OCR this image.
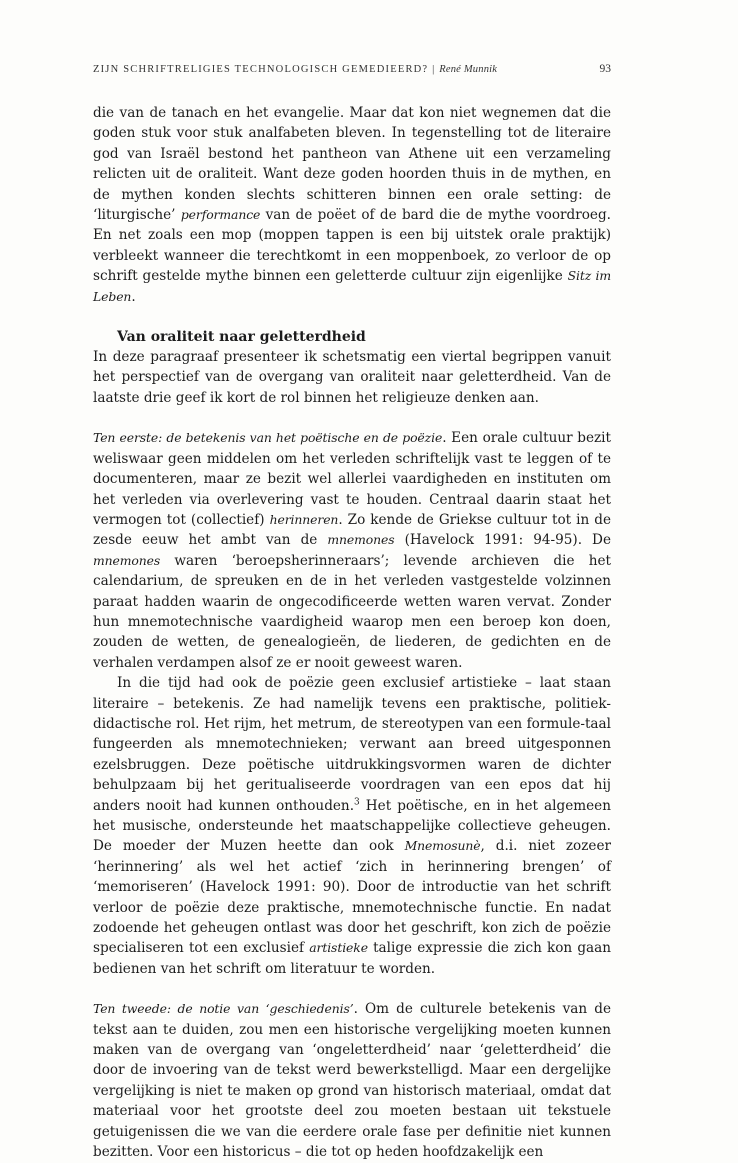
ZIJN SCHRIFTRELIGIES TECHNOLOGISCH GEMEDIEERD? | René Munnik	93

die van de tanach en het evangelie. Maar dat kon niet wegnemen dat die goden stuk voor stuk analfabeten bleven. In tegenstelling tot de literaire god van Israël bestond het pantheon van Athene uit een verzameling relicten uit de oraliteit. Want deze goden hoorden thuis in de mythen, en de mythen konden slechts schitteren binnen een orale setting: de ‘liturgische’ performance van de poëet of de bard die de mythe voordroeg. En net zoals een mop (moppen tappen is een bij uitstek orale praktijk) verbleekt wanneer die terechtkomt in een moppenboek, zo verloor de op schrift gestelde mythe binnen een geletterde cultuur zijn eigenlijke Sitz im Leben.

Van oraliteit naar geletterdheid

In deze paragraaf presenteer ik schetsmatig een viertal begrippen vanuit het perspectief van de overgang van oraliteit naar geletterdheid. Van de laatste drie geef ik kort de rol binnen het religieuze denken aan.

Ten eerste: de betekenis van het poëtische en de poëzie. Een orale cultuur bezit weliswaar geen middelen om het verleden schriftelijk vast te leggen of te documenteren, maar ze bezit wel allerlei vaardigheden en instituten om het verleden via overlevering vast te houden. Centraal daarin staat het vermogen tot (collectief) herinneren. Zo kende de Griekse cultuur tot in de zesde eeuw het ambt van de mnemones (Havelock 1991: 94-95). De mnemones waren ‘beroepsherinneraars’; levende archieven die het calendarium, de spreuken en de in het verleden vastgestelde volzinnen paraat hadden waarin de ongecodificeerde wetten waren vervat. Zonder hun mnemotechnische vaardigheid waarop men een beroep kon doen, zouden de wetten, de genealogieën, de liederen, de gedichten en de verhalen verdampen alsof ze er nooit geweest waren.

In die tijd had ook de poëzie geen exclusief artistieke – laat staan literaire – betekenis. Ze had namelijk tevens een praktische, politiek-didactische rol. Het rijm, het metrum, de stereotypen van een formule-taal fungeerden als mnemotechnieken; verwant aan breed uitgesponnen ezelsbruggen. Deze poëtische uitdrukkingsvormen waren de dichter behulpzaam bij het geritualiseerde voordragen van een epos dat hij anders nooit had kunnen onthouden.$^3$ Het poëtische, en in het algemeen het musische, ondersteunde het maatschappelijke collectieve geheugen. De moeder der Muzen heette dan ook Mnemosunè, d.i. niet zozeer ‘herinnering’ als wel het actief ‘zich in herinnering brengen’ of ‘memoriseren’ (Havelock 1991: 90). Door de introductie van het schrift verloor de poëzie deze praktische, mnemotechnische functie. En nadat zodoende het geheugen ontlast was door het geschrift, kon zich de poëzie specialiseren tot een exclusief artistieke talige expressie die zich kon gaan bedienen van het schrift om literatuur te worden.

Ten tweede: de notie van ‘geschiedenis’. Om de culturele betekenis van de tekst aan te duiden, zou men een historische vergelijking moeten kunnen maken van de overgang van ‘ongeletterdheid’ naar ‘geletterdheid’ die door de invoering van de tekst werd bewerkstelligd. Maar een dergelijke vergelijking is niet te maken op grond van historisch materiaal, omdat dat materiaal voor het grootste deel zou moeten bestaan uit tekstuele getuigenissen die we van die eerdere orale fase per definitie niet kunnen bezitten. Voor een historicus – die tot op heden hoofdzakelijk een
